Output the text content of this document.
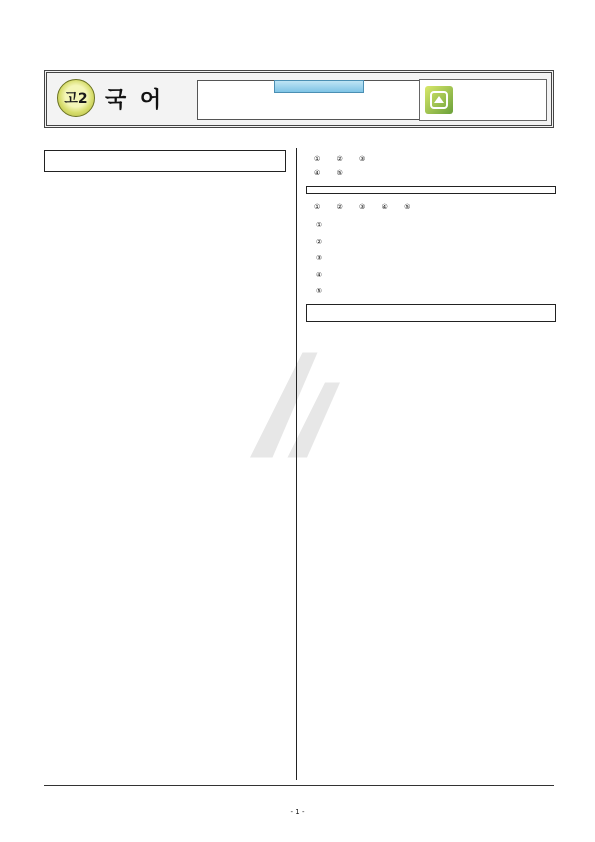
고2 국 어

① ② ③
④ ⑤
① ② ③ ④ ⑤
①
②
③
④
⑤

- 1 -
